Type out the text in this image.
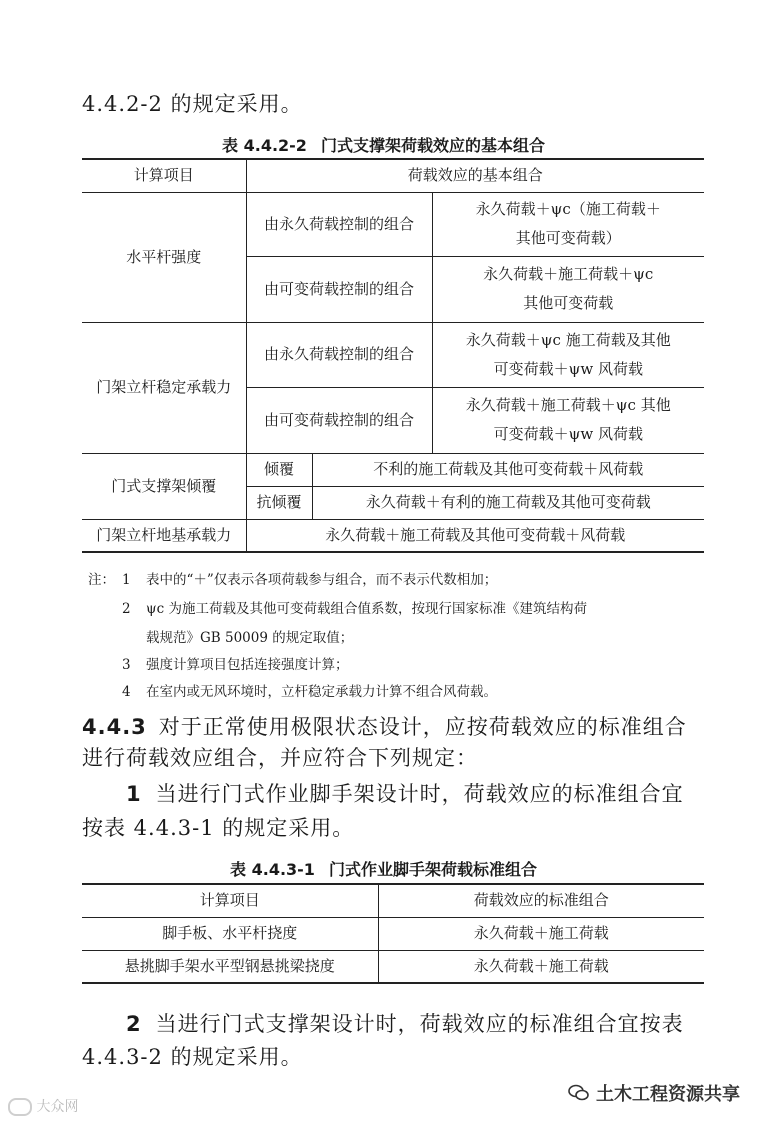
4.4.2-2 的规定采用。
表 4.4.2-2 门式支撑架荷载效应的基本组合
计算项目	荷载效应的基本组合		
水平杆强度	由永久荷载控制的组合		永久荷载＋ψc（施工荷载＋
其他可变荷载）

	由可变荷载控制的组合		永久荷载＋施工荷载＋ψc
其他可变荷载

门架立杆稳定承载力	由永久荷载控制的组合		永久荷载＋ψc 施工荷载及其他
可变荷载＋ψw 风荷载

	由可变荷载控制的组合		永久荷载＋施工荷载＋ψc 其他
可变荷载＋ψw 风荷载

门式支撑架倾覆	倾覆	不利的施工荷载及其他可变荷载＋风荷载	
	抗倾覆	永久荷载＋有利的施工荷载及其他可变荷载	
门架立杆地基承载力	永久荷载＋施工荷载及其他可变荷载＋风荷载		
注： 1 表中的“＋”仅表示各项荷载参与组合，而不表示代数相加；
2 ψc 为施工荷载及其他可变荷载组合值系数，按现行国家标准《建筑结构荷
载规范》GB 50009 的规定取值；
3 强度计算项目包括连接强度计算；
4 在室内或无风环境时，立杆稳定承载力计算不组合风荷载。
4.4.3 对于正常使用极限状态设计，应按荷载效应的标准组合
进行荷载效应组合，并应符合下列规定：
1 当进行门式作业脚手架设计时，荷载效应的标准组合宜
按表 4.4.3-1 的规定采用。
表 4.4.3-1 门式作业脚手架荷载标准组合
计算项目	荷载效应的标准组合
脚手板、水平杆挠度	永久荷载＋施工荷载
悬挑脚手架水平型钢悬挑梁挠度	永久荷载＋施工荷载
2 当进行门式支撑架设计时，荷载效应的标准组合宜按表
4.4.3-2 的规定采用。
大众网
土木工程资源共享
